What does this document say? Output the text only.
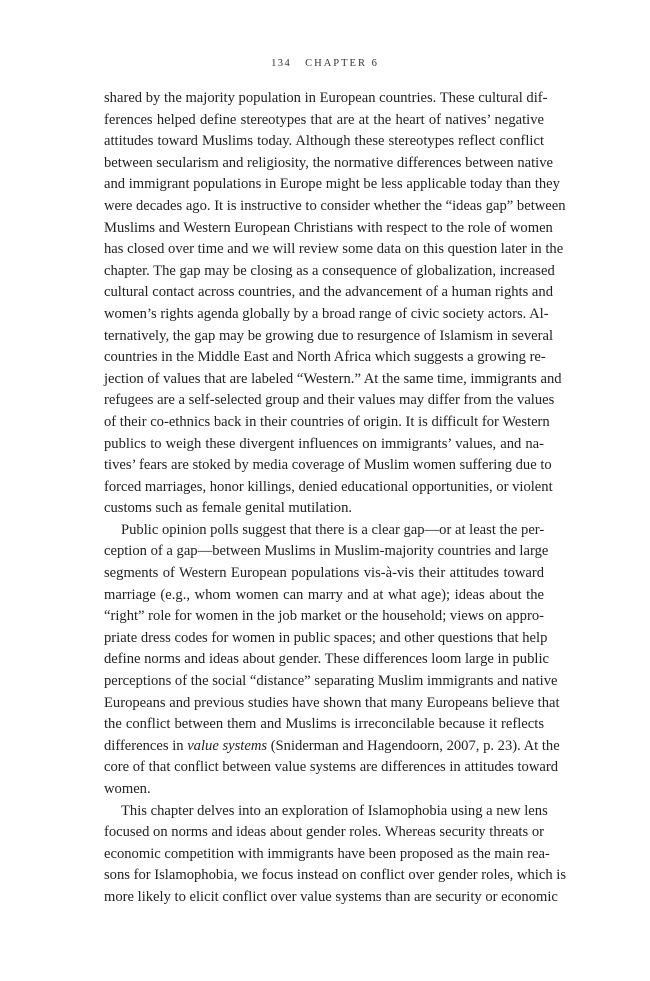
134 CHAPTER 6
shared by the majority population in European countries. These cultural dif-
ferences helped define stereotypes that are at the heart of natives’ negative
attitudes toward Muslims today. Although these stereotypes reflect conflict
between secularism and religiosity, the normative differences between native
and immigrant populations in Europe might be less applicable today than they
were decades ago. It is instructive to consider whether the “ideas gap” between
Muslims and Western European Christians with respect to the role of women
has closed over time and we will review some data on this question later in the
chapter. The gap may be closing as a consequence of globalization, increased
cultural contact across countries, and the advancement of a human rights and
women’s rights agenda globally by a broad range of civic society actors. Al-
ternatively, the gap may be growing due to resurgence of Islamism in several
countries in the Middle East and North Africa which suggests a growing re-
jection of values that are labeled “Western.” At the same time, immigrants and
refugees are a self-selected group and their values may differ from the values
of their co-ethnics back in their countries of origin. It is difficult for Western
publics to weigh these divergent influences on immigrants’ values, and na-
tives’ fears are stoked by media coverage of Muslim women suffering due to
forced marriages, honor killings, denied educational opportunities, or violent
customs such as female genital mutilation.
Public opinion polls suggest that there is a clear gap—or at least the per-
ception of a gap—between Muslims in Muslim-majority countries and large
segments of Western European populations vis-à-vis their attitudes toward
marriage (e.g., whom women can marry and at what age); ideas about the
“right” role for women in the job market or the household; views on appro-
priate dress codes for women in public spaces; and other questions that help
define norms and ideas about gender. These differences loom large in public
perceptions of the social “distance” separating Muslim immigrants and native
Europeans and previous studies have shown that many Europeans believe that
the conflict between them and Muslims is irreconcilable because it reflects
differences in value systems (Sniderman and Hagendoorn, 2007, p. 23). At the
core of that conflict between value systems are differences in attitudes toward
women.
This chapter delves into an exploration of Islamophobia using a new lens
focused on norms and ideas about gender roles. Whereas security threats or
economic competition with immigrants have been proposed as the main rea-
sons for Islamophobia, we focus instead on conflict over gender roles, which is
more likely to elicit conflict over value systems than are security or economic
